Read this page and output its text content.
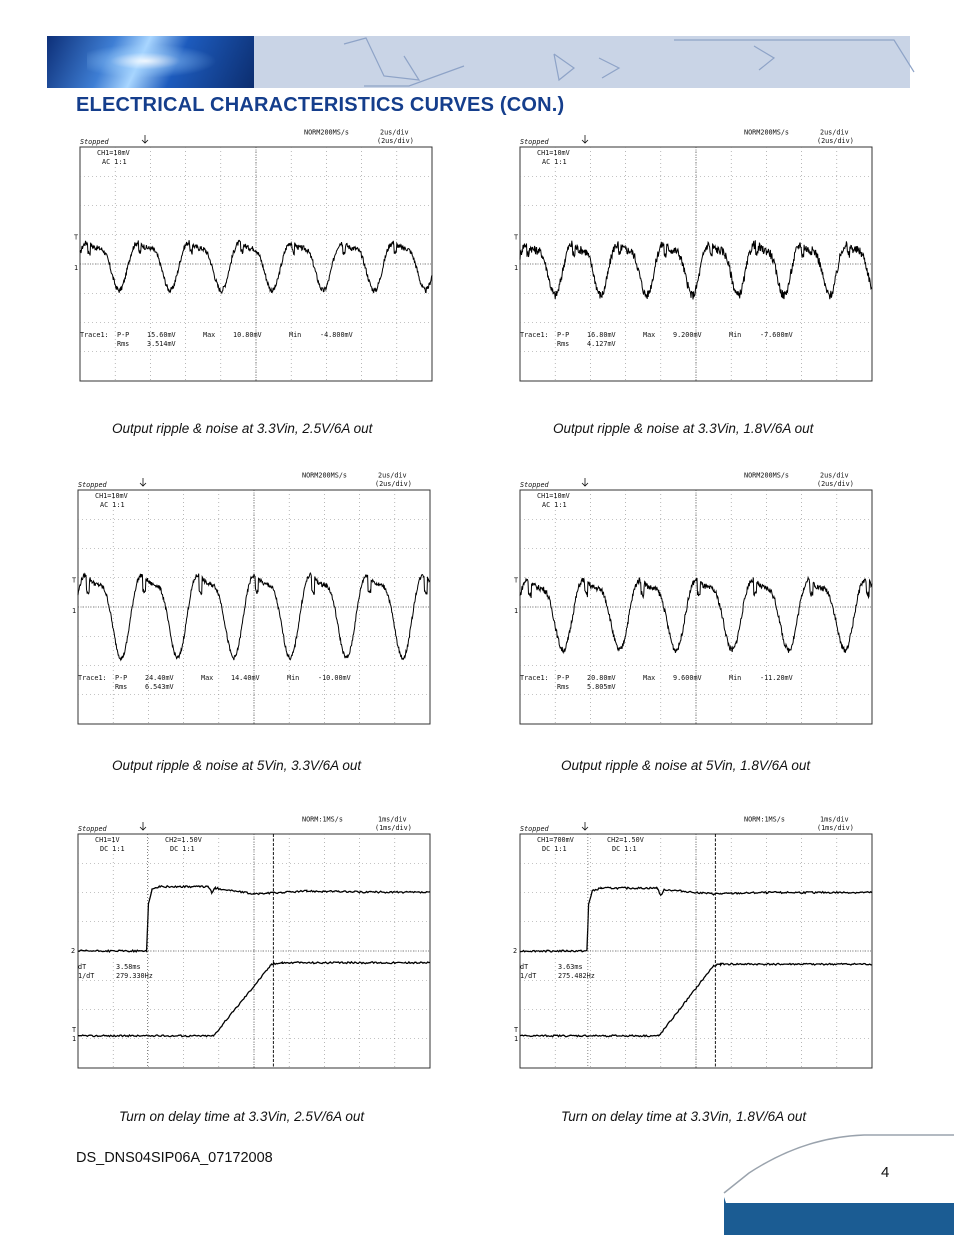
ELECTRICAL CHARACTERISTICS CURVES (CON.)
Stopped
NORM200MS/s	2us/div
(2us/div)
CH1=10mV
AC 1:1
T
1
Trace1: P-P	15.60mV	Max	10.80mV	Min	-4.800mV
Rms	3.514mV
Output ripple & noise at 3.3Vin, 2.5V/6A out
Stopped
NORM200MS/s	2us/div
(2us/div)
CH1=10mV
AC 1:1
T
1
Trace1: P-P	16.80mV	Max	9.200mV	Min	-7.600mV
Rms	4.127mV
Output ripple & noise at 3.3Vin, 1.8V/6A out
Stopped
NORM200MS/s	2us/div
(2us/div)
CH1=10mV
AC 1:1
T
1
Trace1: P-P	24.40mV	Max	14.40mV	Min	-10.00mV
Rms	6.543mV
Output ripple & noise at 5Vin, 3.3V/6A out
Stopped
NORM200MS/s	2us/div
(2us/div)
CH1=10mV
AC 1:1
T
1
Trace1: P-P	20.80mV	Max	9.600mV	Min	-11.20mV
Rms	5.805mV
Output ripple & noise at 5Vin, 1.8V/6A out
Stopped
NORM:1MS/s	1ms/div
(1ms/div)
CH1=1V
DC 1:1
CH2=1.50V
DC 1:1
2
T
1
dT	3.58ms
1/dT	279.330Hz
Turn on delay time at 3.3Vin, 2.5V/6A out
Stopped
NORM:1MS/s	1ms/div
(1ms/div)
CH1=700mV
DC 1:1
CH2=1.50V
DC 1:1
2
T
1
dT	3.63ms
1/dT	275.482Hz
Turn on delay time at 3.3Vin, 1.8V/6A out
DS_DNS04SIP06A_07172008
4
